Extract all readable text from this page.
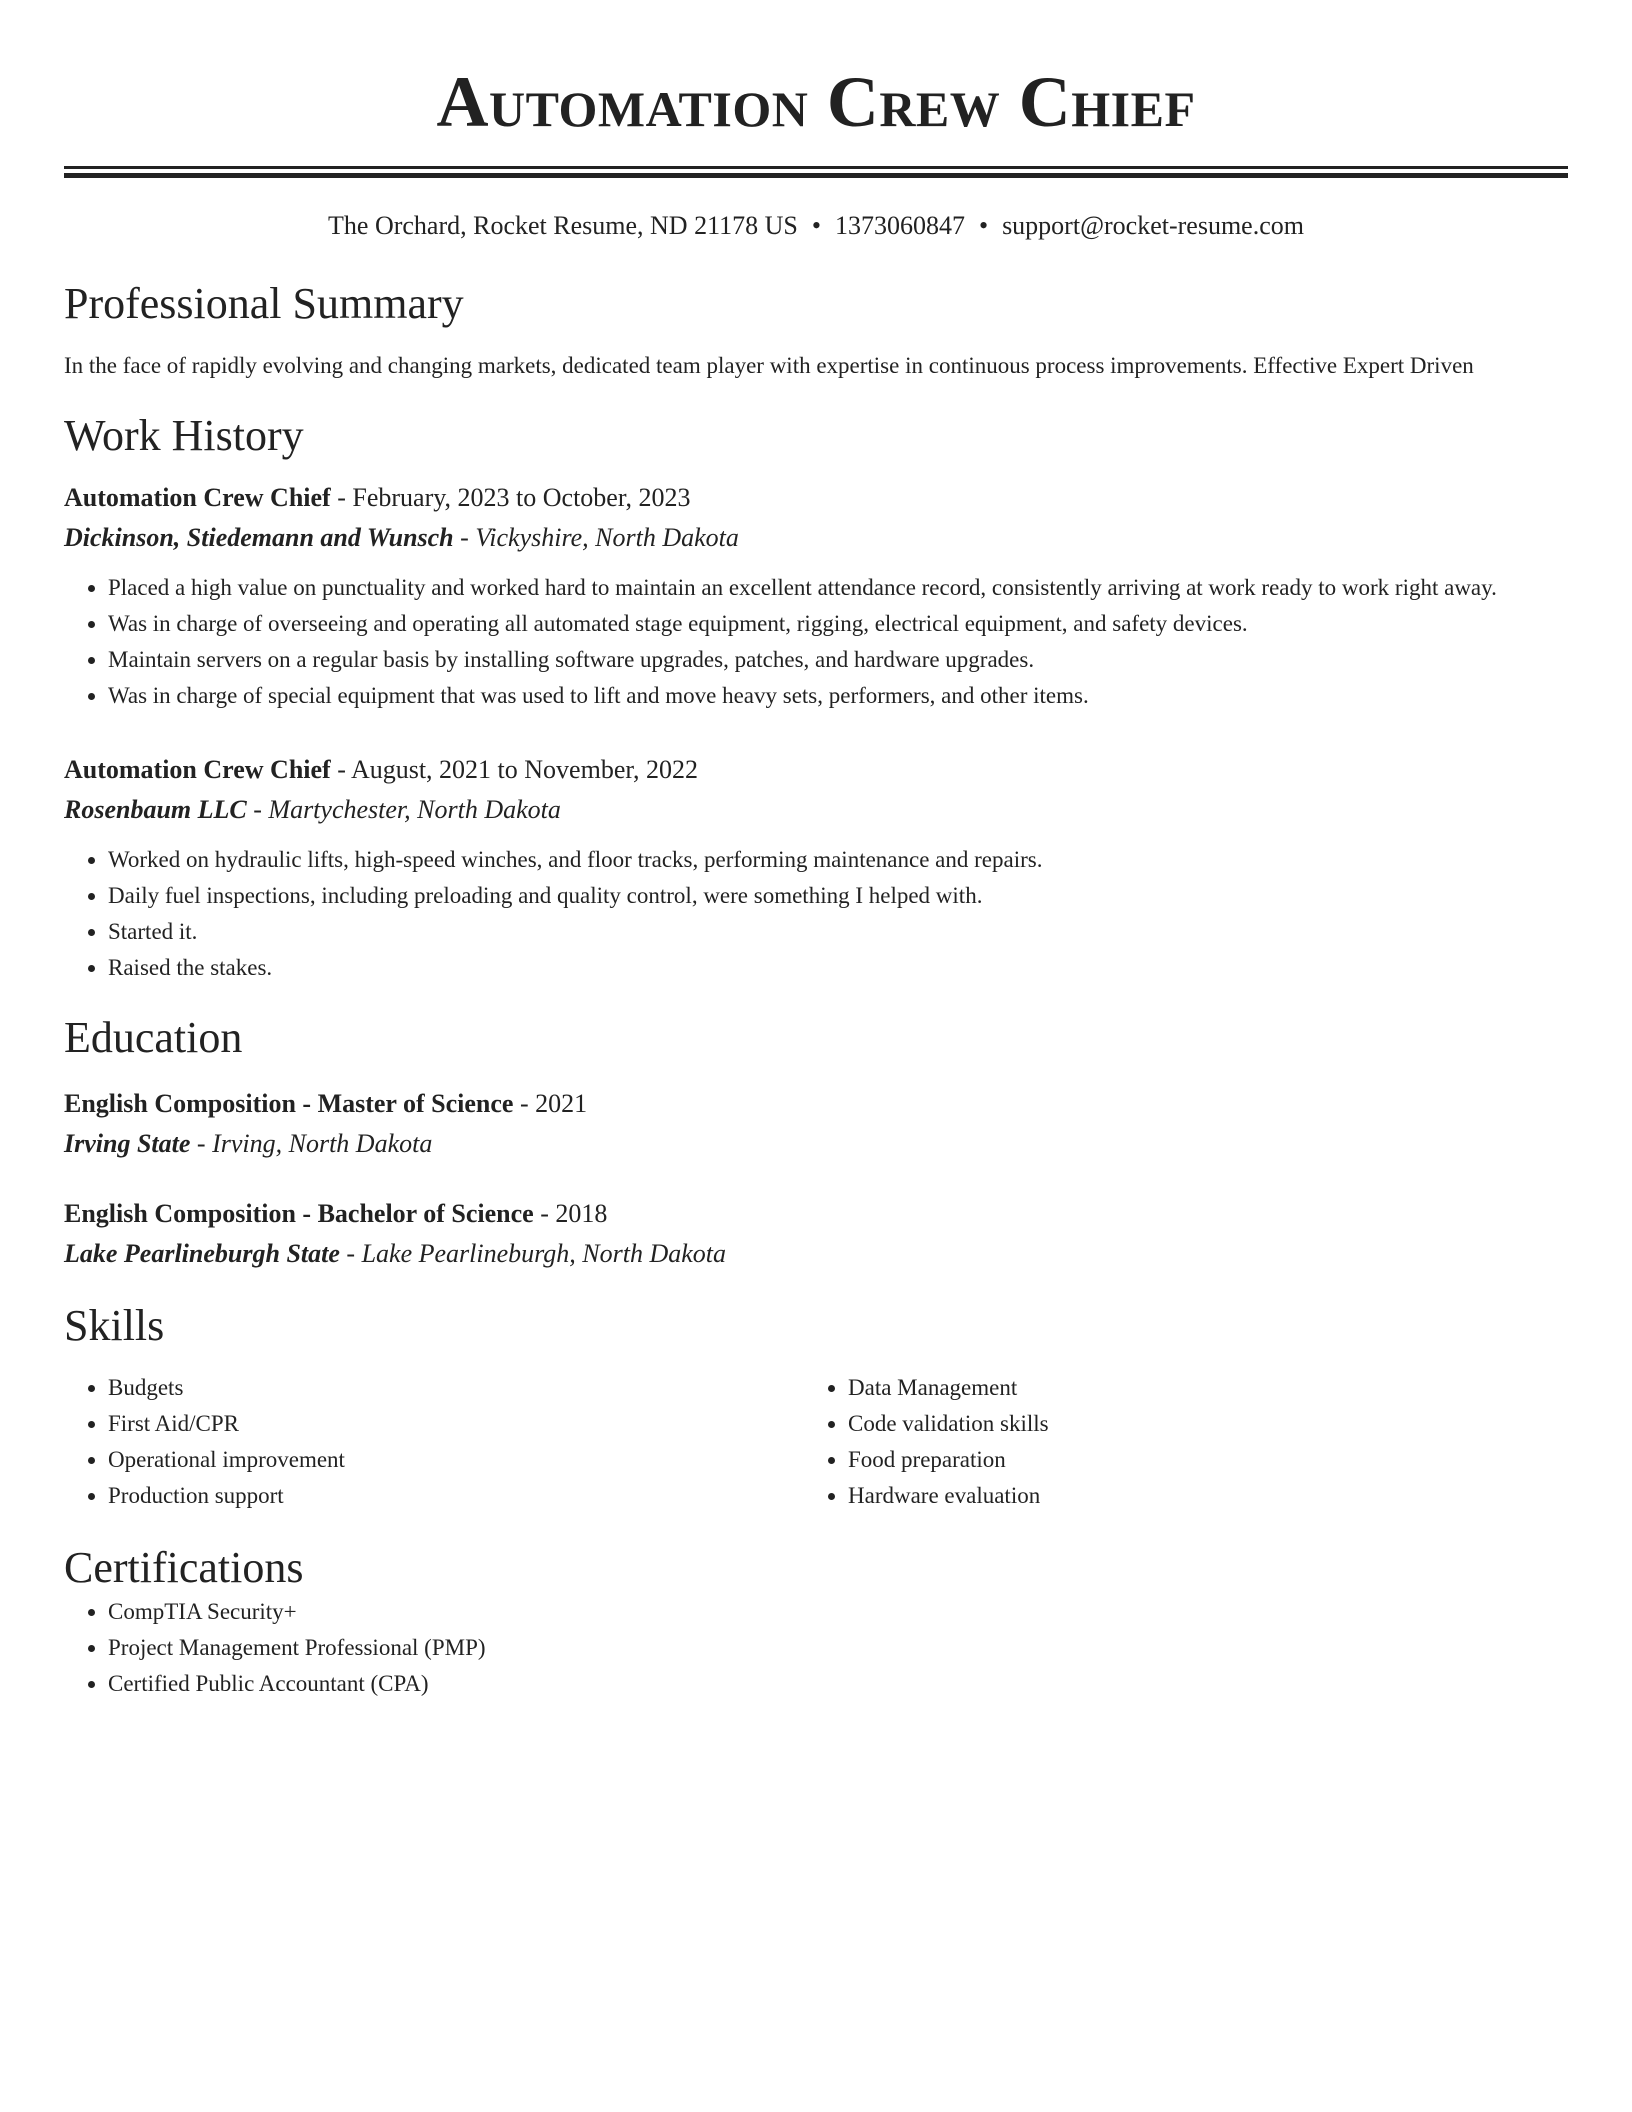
Automation Crew Chief
The Orchard, Rocket Resume, ND 21178 US • 1373060847 • support@rocket-resume.com
Professional Summary
In the face of rapidly evolving and changing markets, dedicated team player with expertise in continuous process improvements. Effective Expert Driven
Work History
Automation Crew Chief - February, 2023 to October, 2023
Dickinson, Stiedemann and Wunsch - Vickyshire, North Dakota
• Placed a high value on punctuality and worked hard to maintain an excellent attendance record, consistently arriving at work ready to work right away.
• Was in charge of overseeing and operating all automated stage equipment, rigging, electrical equipment, and safety devices.
• Maintain servers on a regular basis by installing software upgrades, patches, and hardware upgrades.
• Was in charge of special equipment that was used to lift and move heavy sets, performers, and other items.
Automation Crew Chief - August, 2021 to November, 2022
Rosenbaum LLC - Martychester, North Dakota
• Worked on hydraulic lifts, high-speed winches, and floor tracks, performing maintenance and repairs.
• Daily fuel inspections, including preloading and quality control, were something I helped with.
• Started it.
• Raised the stakes.
Education
English Composition - Master of Science - 2021
Irving State - Irving, North Dakota
English Composition - Bachelor of Science - 2018
Lake Pearlineburgh State - Lake Pearlineburgh, North Dakota
Skills
• Budgets
• First Aid/CPR
• Operational improvement
• Production support
• Data Management
• Code validation skills
• Food preparation
• Hardware evaluation
Certifications
• CompTIA Security+
• Project Management Professional (PMP)
• Certified Public Accountant (CPA)
